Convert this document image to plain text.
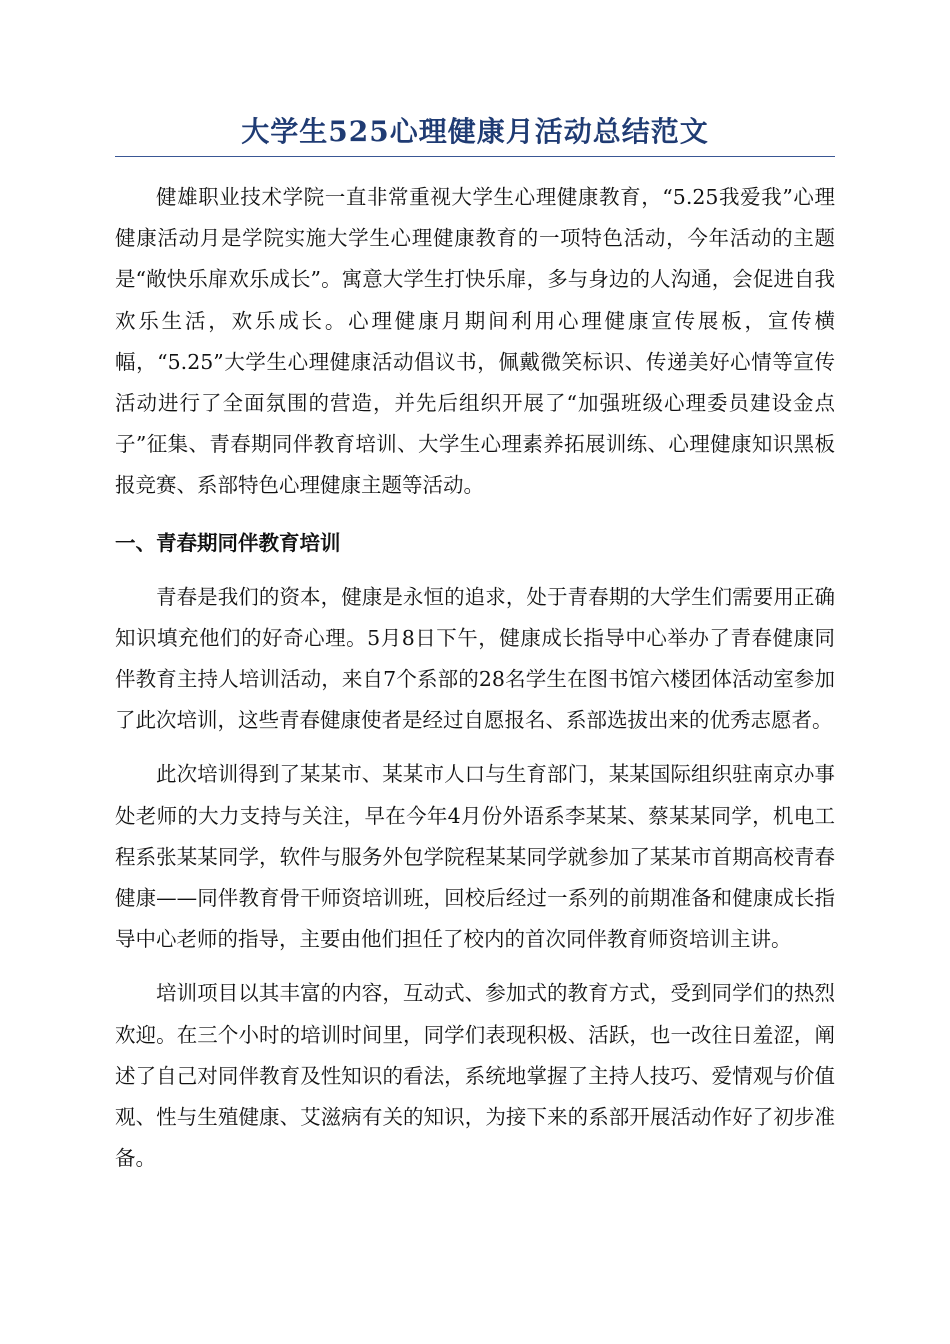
大学生525心理健康月活动总结范文

健雄职业技术学院一直非常重视大学生心理健康教育，“5.25我爱我”心理健康活动月是学院实施大学生心理健康教育的一项特色活动，今年活动的主题是“敞快乐扉欢乐成长”。寓意大学生打快乐扉，多与身边的人沟通，会促进自我欢乐生活，欢乐成长。心理健康月期间利用心理健康宣传展板，宣传横幅，“5.25”大学生心理健康活动倡议书，佩戴微笑标识、传递美好心情等宣传活动进行了全面氛围的营造，并先后组织开展了“加强班级心理委员建设金点子”征集、青春期同伴教育培训、大学生心理素养拓展训练、心理健康知识黑板报竞赛、系部特色心理健康主题等活动。

一、青春期同伴教育培训

青春是我们的资本，健康是永恒的追求，处于青春期的大学生们需要用正确知识填充他们的好奇心理。5月8日下午，健康成长指导中心举办了青春健康同伴教育主持人培训活动，来自7个系部的28名学生在图书馆六楼团体活动室参加了此次培训，这些青春健康使者是经过自愿报名、系部选拔出来的优秀志愿者。

此次培训得到了某某市、某某市人口与生育部门，某某国际组织驻南京办事处老师的大力支持与关注，早在今年4月份外语系李某某、蔡某某同学，机电工程系张某某同学，软件与服务外包学院程某某同学就参加了某某市首期高校青春健康——同伴教育骨干师资培训班，回校后经过一系列的前期准备和健康成长指导中心老师的指导，主要由他们担任了校内的首次同伴教育师资培训主讲。

培训项目以其丰富的内容，互动式、参加式的教育方式，受到同学们的热烈欢迎。在三个小时的培训时间里，同学们表现积极、活跃，也一改往日羞涩，阐述了自己对同伴教育及性知识的看法，系统地掌握了主持人技巧、爱情观与价值观、性与生殖健康、艾滋病有关的知识，为接下来的系部开展活动作好了初步准备。
